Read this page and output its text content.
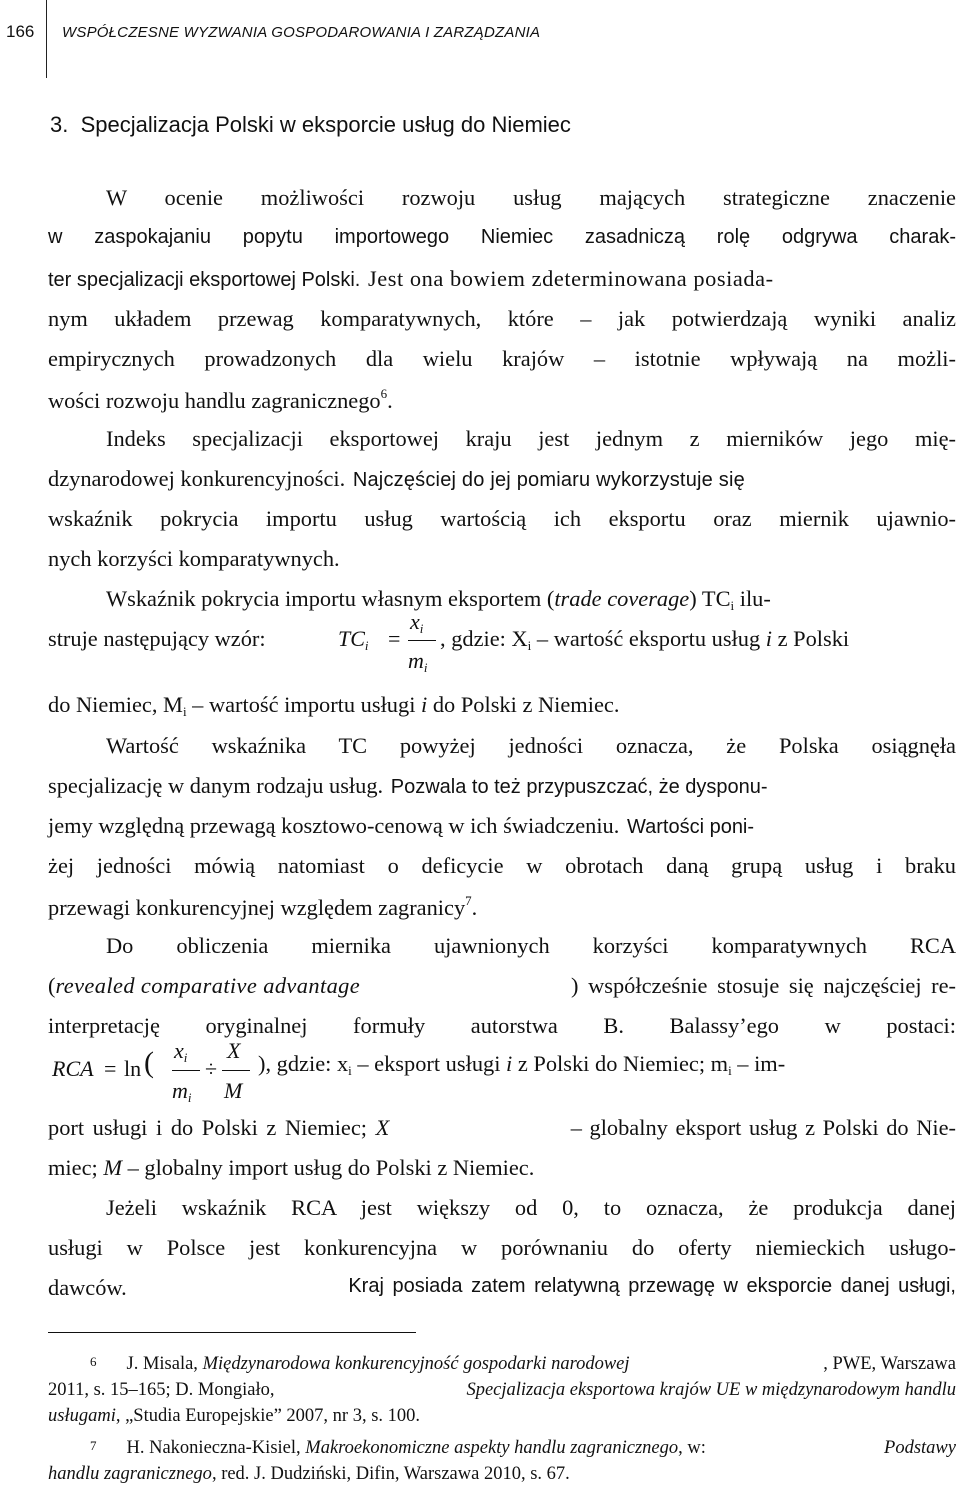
166 WSPÓŁCZESNE WYZWANIA GOSPODAROWANIA I ZARZĄDZANIA
3.  Specjalizacja Polski w eksporcie usług do Niemiec
W ocenie możliwości rozwoju usług mających strategiczne znaczenie
w zaspokajaniu popytu importowego Niemiec zasadniczą rolę odgrywa charak-
ter specjalizacji eksportowej Polski. Jest ona bowiem zdeterminowana posiada-
nym układem przewag komparatywnych, które – jak potwierdzają wyniki analiz
empirycznych prowadzonych dla wielu krajów – istotnie wpływają na możli-
wości rozwoju handlu zagranicznego$^6$.
Indeks specjalizacji eksportowej kraju jest jednym z mierników jego mię-
dzynarodowej konkurencyjności. Najczęściej do jej pomiaru wykorzystuje się
wskaźnik pokrycia importu usług wartością ich eksportu oraz miernik ujawnio-
nych korzyści komparatywnych.
Wskaźnik pokrycia importu własnym eksportem (trade coverage) $TC_i$ ilu-
struje następujący wzór:	$TC_i$ =
$x_i$
$m_i$
, gdzie: $X_i$ – wartość eksportu usług i z Polski
do Niemiec, $M_i$ – wartość importu usługi i do Polski z Niemiec.
Wartość wskaźnika TC powyżej jedności oznacza, że Polska osiągnęła
specjalizację w danym rodzaju usług. Pozwala to też przypuszczać, że dysponu-
jemy względną przewagą kosztowo-cenową w ich świadczeniu. Wartości poni-
żej jedności mówią natomiast o deficycie w obrotach daną grupą usług i braku
przewagi konkurencyjnej względem zagranicy$^7$.
Do obliczenia miernika ujawnionych korzyści komparatywnych RCA
( revealed comparative advantage	) współcześnie stosuje się najczęściej re-
interpretację oryginalnej formuły autorstwa B. Balassy’ego w postaci:
RCA = ln ( $x_i$
$m_i$
÷
X
M
), gdzie: $x_i$ – eksport usługi i z Polski do Niemiec; $m_i - im-$
port usługi i do Polski z Niemiec; X	– globalny eksport usług z Polski do Nie-
miec; M – globalny import usług do Polski z Niemiec.
Jeżeli wskaźnik RCA jest większy od 0, to oznacza, że produkcja danej
usługi w Polsce jest konkurencyjna w porównaniu do oferty niemieckich usługo-
dawców.	Kraj posiada zatem relatywną przewagę w eksporcie danej usługi,
6 J. Misala, Międzynarodowa konkurencyjność gospodarki narodowej	, PWE, Warszawa
2011, s. 15–165; D. Mongiało,	Specjalizacja eksportowa krajów UE w międzynarodowym handlu
usługami, „Studia Europejskie” 2007, nr 3, s. 100.
7 H. Nakonieczna-Kisiel, Makroekonomiczne aspekty handlu zagranicznego , w:	Podstawy
handlu zagranicznego, red. J. Dudziński, Difin, Warszawa 2010, s. 67.
